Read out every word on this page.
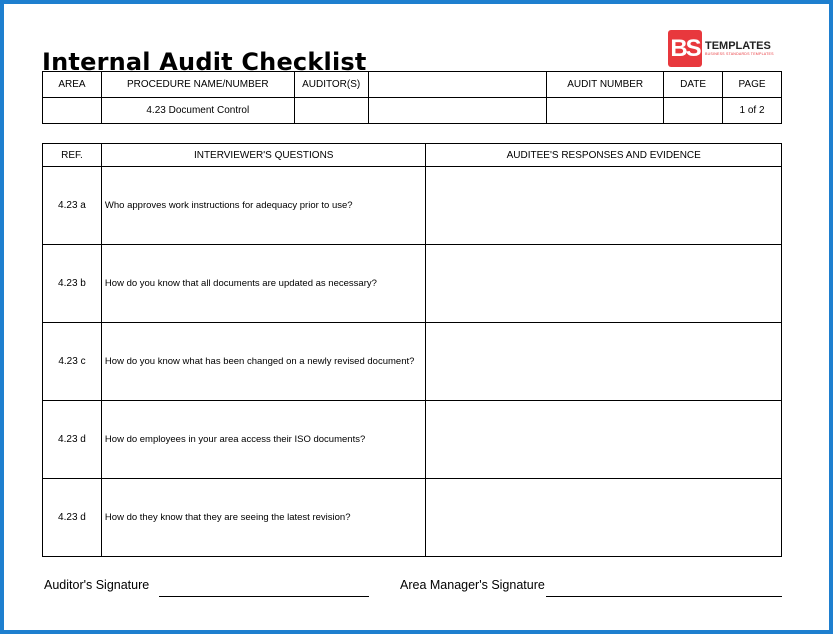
Internal Audit Checklist	BS TEMPLATES
BUSINESS STANDARDS TEMPLATES
AREA	PROCEDURE NAME/NUMBER	AUDITOR(S)		AUDIT NUMBER	DATE	PAGE
	4.23 Document Control					1 of 2
REF.	INTERVIEWER'S QUESTIONS	AUDITEE'S RESPONSES AND EVIDENCE
4.23 a	Who approves work instructions for adequacy prior to use?	
4.23 b	How do you know that all documents are updated as necessary?	
4.23 c	How do you know what has been changed on a newly revised document?	
4.23 d	How do employees in your area access their ISO documents?	
4.23 d	How do they know that they are seeing the latest revision?	
Auditor's Signature	Area Manager's Signature
